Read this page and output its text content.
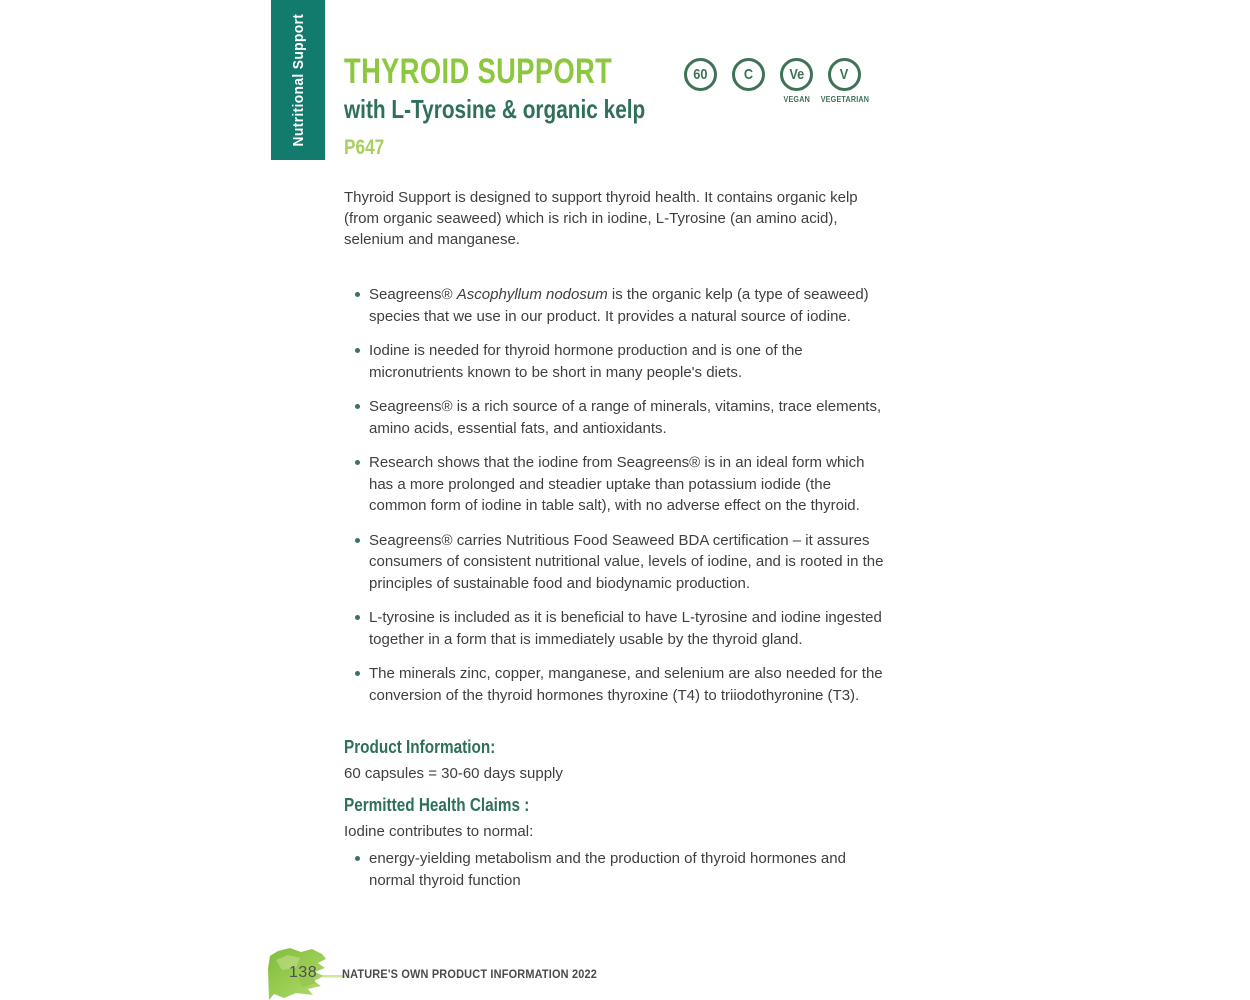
Nutritional Support THYROID SUPPORT
with L-Tyrosine & organic kelp
P647
60 C Ve
VEGAN
V
VEGETARIAN

Thyroid Support is designed to support thyroid health. It contains organic kelp (from organic seaweed) which is rich in iodine, L-Tyrosine (an amino acid), selenium and manganese.

Seagreens® Ascophyllum nodosum is the organic kelp (a type of seaweed) species that we use in our product. It provides a natural source of iodine.
Iodine is needed for thyroid hormone production and is one of the micronutrients known to be short in many people's diets.
Seagreens® is a rich source of a range of minerals, vitamins, trace elements, amino acids, essential fats, and antioxidants.
Research shows that the iodine from Seagreens® is in an ideal form which has a more prolonged and steadier uptake than potassium iodide (the common form of iodine in table salt), with no adverse effect on the thyroid.
Seagreens® carries Nutritious Food Seaweed BDA certification – it assures consumers of consistent nutritional value, levels of iodine, and is rooted in the principles of sustainable food and biodynamic production.
L-tyrosine is included as it is beneficial to have L-tyrosine and iodine ingested together in a form that is immediately usable by the thyroid gland.
The minerals zinc, copper, manganese, and selenium are also needed for the conversion of the thyroid hormones thyroxine (T4) to triiodothyronine (T3).
Product Information:

60 capsules = 30-60 days supply

Permitted Health Claims :

Iodine contributes to normal:

energy-yielding metabolism and the production of thyroid hormones and normal thyroid function
138 NATURE'S OWN PRODUCT INFORMATION 2022
